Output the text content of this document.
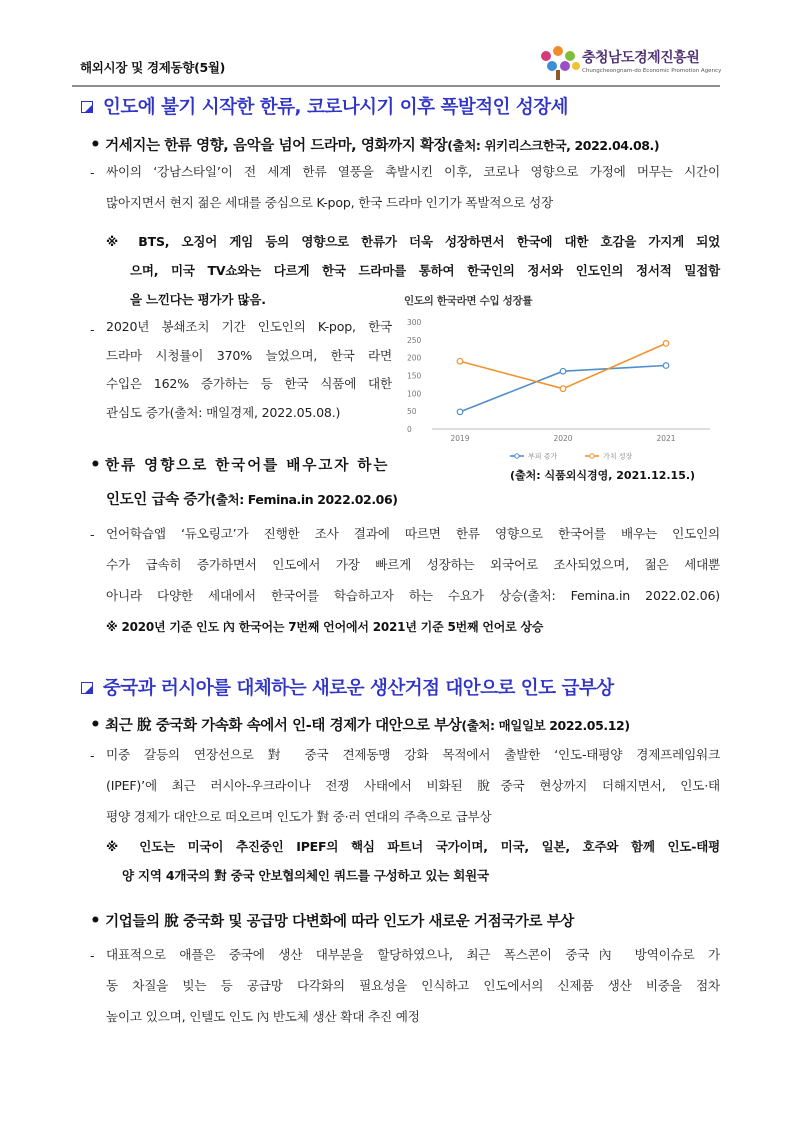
해외시장 및 경제동향(5월)
충청남도경제진흥원
Chungcheongnam-do Economic Promotion Agency
인도에 불기 시작한 한류, 코로나시기 이후 폭발적인 성장세
• 거세지는 한류 영향, 음악을 넘어 드라마, 영화까지 확장(출처: 위키리스크한국, 2022.04.08.)
- 싸이의 ‘강남스타일’이 전 세계 한류 열풍을 촉발시킨 이후, 코로나 영향으로 가정에 머무는 시간이
많아지면서 현지 젊은 세대를 중심으로 K-pop, 한국 드라마 인기가 폭발적으로 성장
※ BTS, 오징어 게임 등의 영향으로 한류가 더욱 성장하면서 한국에 대한 호감을 가지게 되었
으며, 미국 TV쇼와는 다르게 한국 드라마를 통하여 한국인의 정서와 인도인의 정서적 밀접함
을 느낀다는 평가가 많음.
- 2020년 봉쇄조치 기간 인도인의 K-pop, 한국
드라마 시청률이 370% 늘었으며, 한국 라면
수입은 162% 증가하는 등 한국 식품에 대한
관심도 증가(출처: 매일경제, 2022.05.08.)
인도의 한국라면 수입 성장률
300
250
200
150
100
50
0
2019	2020	2021
부피 증가	가치 성장
(출처: 식품외식경영, 2021.12.15.)
• 한류 영향으로 한국어를 배우고자 하는
인도인 급속 증가(출처: Femina.in 2022.02.06)
- 언어학습앱 ‘듀오링고’가 진행한 조사 결과에 따르면 한류 영향으로 한국어를 배우는 인도인의
수가 급속히 증가하면서 인도에서 가장 빠르게 성장하는 외국어로 조사되었으며, 젊은 세대뿐
아니라 다양한 세대에서 한국어를 학습하고자 하는 수요가 상승(출처: Femina.in 2022.02.06)
※ 2020년 기준 인도 內 한국어는 7번째 언어에서 2021년 기준 5번째 언어로 상승
중국과 러시아를 대체하는 새로운 생산거점 대안으로 인도 급부상
• 최근 脫 중국화 가속화 속에서 인-태 경제가 대안으로 부상(출처: 매일일보 2022.05.12)
- 미중 갈등의 연장선으로 對 중국 견제동맹 강화 목적에서 출발한 ‘인도-태평양 경제프레임워크
(IPEF)’에 최근 러시아-우크라이나 전쟁 사태에서 비화된 脫중국 현상까지 더해지면서, 인도·태
평양 경제가 대안으로 떠오르며 인도가 對 중·러 연대의 주축으로 급부상
※ 인도는 미국이 추진중인 IPEF의 핵심 파트너 국가이며, 미국, 일본, 호주와 함께 인도-태평
양 지역 4개국의 對 중국 안보협의체인 쿼드를 구성하고 있는 회원국
• 기업들의 脫 중국화 및 공급망 다변화에 따라 인도가 새로운 거점국가로 부상
- 대표적으로 애플은 중국에 생산 대부분을 할당하였으나, 최근 폭스콘이 중국內 방역이슈로 가
동 차질을 빚는 등 공급망 다각화의 필요성을 인식하고 인도에서의 신제품 생산 비중을 점차
높이고 있으며, 인텔도 인도 內 반도체 생산 확대 추진 예정
